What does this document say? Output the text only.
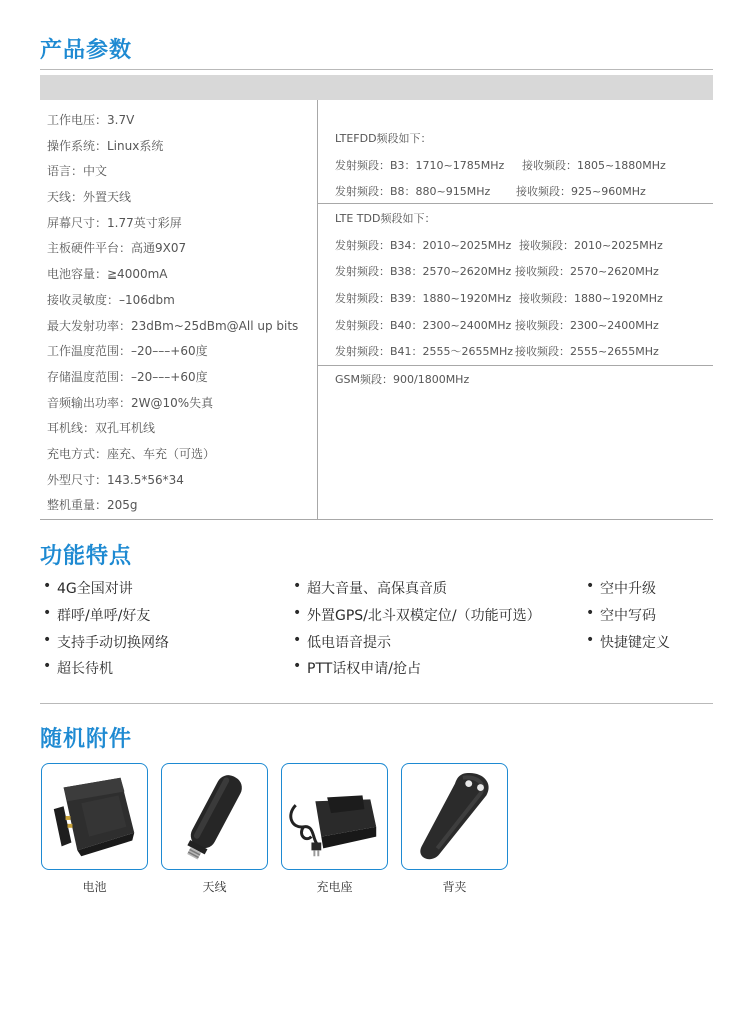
产品参数
工作电压：3.7V
操作系统：Linux系统
语言：中文
天线：外置天线
屏幕尺寸：1.77英寸彩屏
主板硬件平台：高通9X07
电池容量：≧4000mA
接收灵敏度：–106dbm
最大发射功率：23dBm~25dBm@All up bits
工作温度范围：–20–––+60度
存储温度范围：–20–––+60度
音频输出功率：2W@10%失真
耳机线：双孔耳机线
充电方式：座充、车充（可选）
外型尺寸：143.5*56*34
整机重量：205g
LTEFDD频段如下：
发射频段：B3：1710~1785MHz 接收频段：1805~1880MHz
发射频段：B8：880~915MHz 接收频段：925~960MHz
LTE TDD频段如下：
发射频段：B34：2010~2025MHz 接收频段：2010~2025MHz
发射频段：B38：2570~2620MHz 接收频段：2570~2620MHz
发射频段：B39：1880~1920MHz 接收频段：1880~1920MHz
发射频段：B40：2300~2400MHz 接收频段：2300~2400MHz
发射频段：B41：2555～2655MHz 接收频段：2555~2655MHz
GSM频段：900/1800MHz
功能特点
• 4G全国对讲
• 群呼/单呼/好友
• 支持手动切换网络
• 超长待机
• 超大音量、高保真音质
• 外置GPS/北斗双模定位/（功能可选）
• 低电语音提示
• PTT话权申请/抢占
• 空中升级
• 空中写码
• 快捷键定义
随机附件
电池	天线	充电座	背夹
